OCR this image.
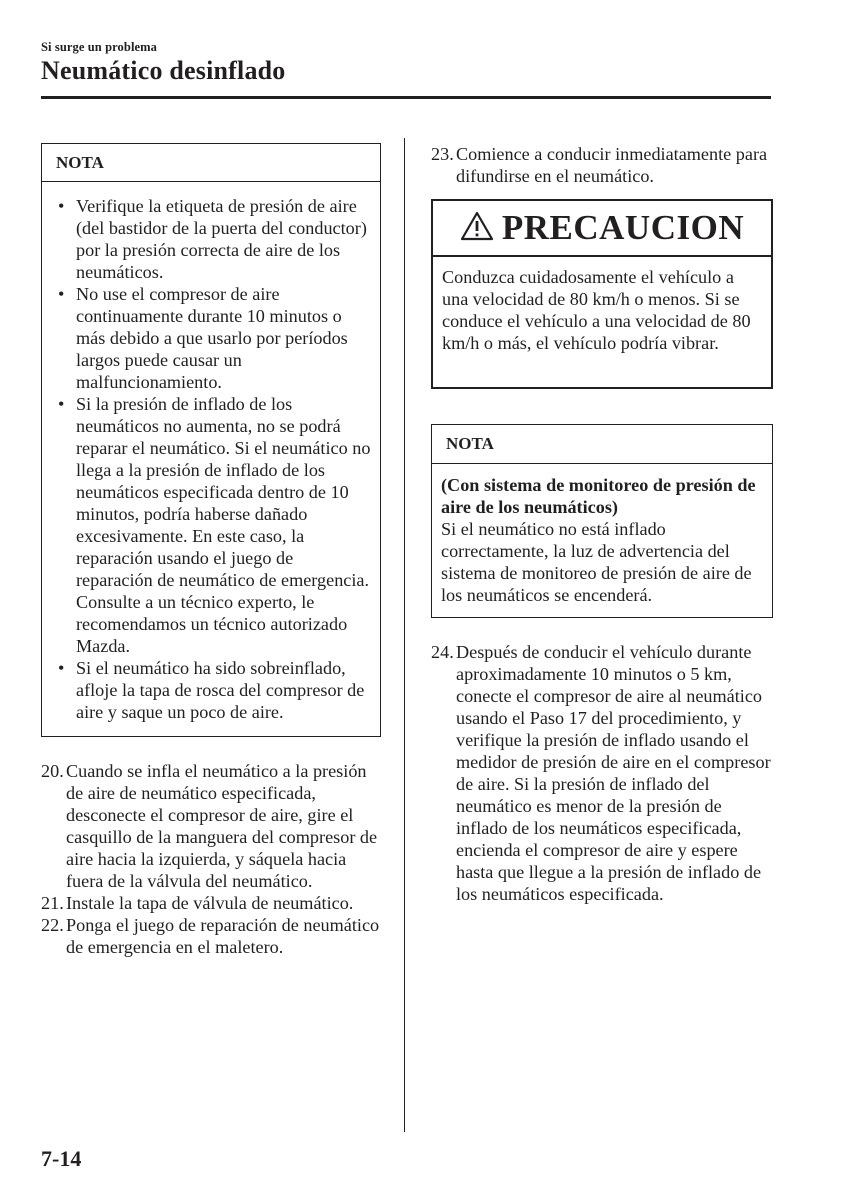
Si surge un problema
Neumático desinflado
NOTA
• Verifique la etiqueta de presión de aire (del bastidor de la puerta del conductor) por la presión correcta de aire de los neumáticos.
• No use el compresor de aire continuamente durante 10 minutos o más debido a que usarlo por períodos largos puede causar un malfuncionamiento.
• Si la presión de inflado de los neumáticos no aumenta, no se podrá reparar el neumático. Si el neumático no llega a la presión de inflado de los neumáticos especificada dentro de 10 minutos, podría haberse dañado excesivamente. En este caso, la reparación usando el juego de reparación de neumático de emergencia. Consulte a un técnico experto, le recomendamos un técnico autorizado Mazda.
• Si el neumático ha sido sobreinflado, afloje la tapa de rosca del compresor de aire y saque un poco de aire.
20. Cuando se infla el neumático a la presión de aire de neumático especificada, desconecte el compresor de aire, gire el casquillo de la manguera del compresor de aire hacia la izquierda, y sáquela hacia fuera de la válvula del neumático.
21. Instale la tapa de válvula de neumático.
22. Ponga el juego de reparación de neumático de emergencia en el maletero.
23. Comience a conducir inmediatamente para difundirse en el neumático.
PRECAUCION
Conduzca cuidadosamente el vehículo a una velocidad de 80 km/h o menos. Si se conduce el vehículo a una velocidad de 80 km/h o más, el vehículo podría vibrar.
NOTA
(Con sistema de monitoreo de presión de aire de los neumáticos)
Si el neumático no está inflado correctamente, la luz de advertencia del sistema de monitoreo de presión de aire de los neumáticos se encenderá.
24. Después de conducir el vehículo durante aproximadamente 10 minutos o 5 km, conecte el compresor de aire al neumático usando el Paso 17 del procedimiento, y verifique la presión de inflado usando el medidor de presión de aire en el compresor de aire. Si la presión de inflado del neumático es menor de la presión de inflado de los neumáticos especificada, encienda el compresor de aire y espere hasta que llegue a la presión de inflado de los neumáticos especificada.
7-14
